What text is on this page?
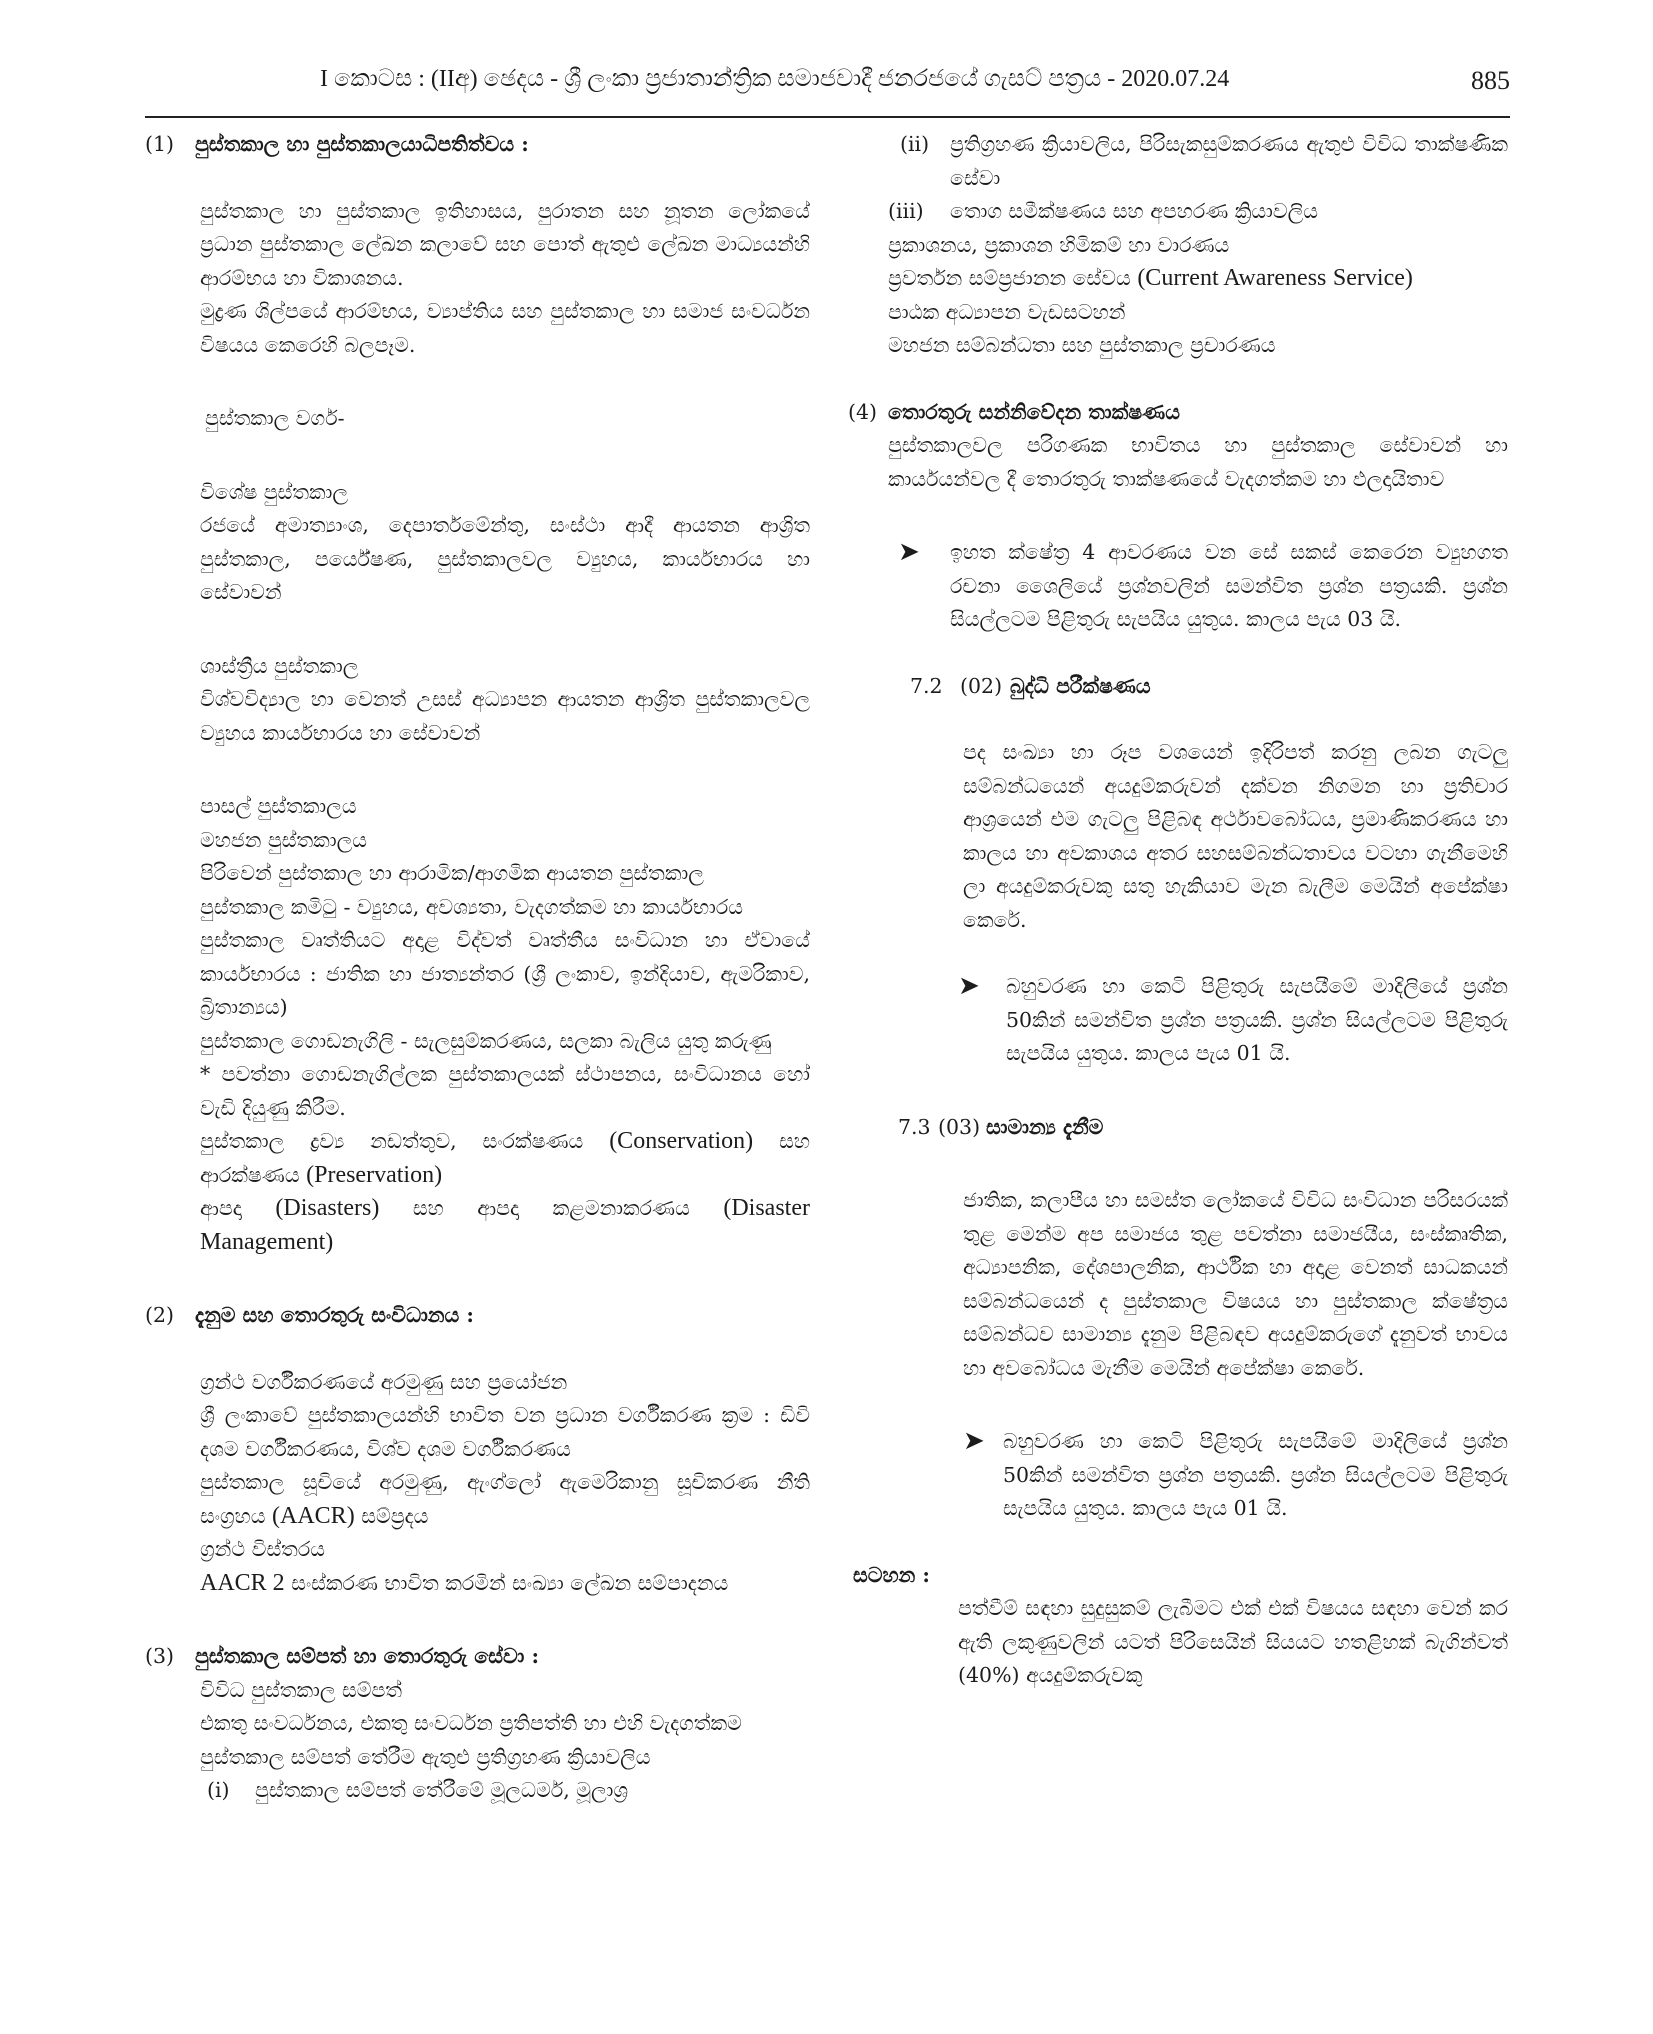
I කොටස : (IIඅ) ඡෙදය - ශ්‍රී ලංකා ප්‍රජාතාන්ත්‍රික සමාජවාදී ජනරජයේ ගැසට් පත්‍රය - 2020.07.24	885
(1)	පුස්තකාල හා පුස්තකාලයාධිපතිත්වය :

පුස්තකාල හා පුස්තකාල ඉතිහාසය, පුරාතන සහ නූතන ලෝකයේ ප්‍රධාන පුස්තකාල ලේඛන කලාවේ සහ පොත් ඇතුළු ලේඛන මාධ්‍යයන්හි ආරම්භය හා විකාශනය.

මුද්‍රණ ශිල්පයේ ආරම්භය, ව්‍යාප්තිය සහ පුස්තකාල හා සමාජ සංවර්ධන විෂයය කෙරෙහි බලපෑම.

පුස්තකාල වර්ග-

විශේෂ පුස්තකාල

රජයේ අමාත්‍යාංශ, දෙපාර්තමේන්තු, සංස්ථා ආදී ආයතන ආශ්‍රිත පුස්තකාල, පර්යේෂණ, පුස්තකාලවල ව්‍යුහය, කාර්යභාරය හා සේවාවන්

ශාස්ත්‍රීය පුස්තකාල

විශ්වවිද්‍යාල හා වෙනත් උසස් අධ්‍යාපන ආයතන ආශ්‍රිත පුස්තකාලවල ව්‍යුහය කාර්යභාරය හා සේවාවන්

පාසල් පුස්තකාලය

මහජන පුස්තකාලය

පිරිවෙන් පුස්තකාල හා ආරාමික/ආගමික ආයතන පුස්තකාල

පුස්තකාල කමිටු - ව්‍යුහය, අවශ්‍යතා, වැදගත්කම හා කාර්යභාරය

පුස්තකාල වෘත්තියට අදාළ විද්වත් වෘත්තීය සංවිධාන හා ඒවායේ කාර්යභාරය : ජාතික හා ජාත්‍යන්තර (ශ්‍රී ලංකාව, ඉන්දියාව, ඇමරිකාව, බ්‍රිතාන්‍යය)

පුස්තකාල ගොඩනැගිලි - සැලසුම්කරණය, සලකා බැලිය යුතු කරුණු

* පවත්නා ගොඩනැගිල්ලක පුස්තකාලයක් ස්ථාපනය, සංවිධානය හෝ වැඩි දියුණු කිරීම.

පුස්තකාල ද්‍රව්‍ය නඩත්තුව, සංරක්ෂණය (Conservation) සහ ආරක්ෂණය (Preservation)

ආපදා (Disasters) සහ ආපදා කළමනාකරණය (Disaster Management)

(2)	දැනුම සහ තොරතුරු සංවිධානය :

ග්‍රන්ථ වර්ගීකරණයේ අරමුණු සහ ප්‍රයෝජන

ශ්‍රී ලංකාවේ පුස්තකාලයන්හි භාවිත වන ප්‍රධාන වර්ගීකරණ ක්‍රම : ඩිවි දශම වර්ගීකරණය, විශ්ව දශම වර්ගීකරණය

පුස්තකාල සූචියේ අරමුණු, ඇංග්ලෝ ඇමෙරිකානු සූචිකරණ නීති සංග්‍රහය (AACR) සම්ප්‍රදය

ග්‍රන්ථ විස්තරය

AACR 2 සංස්කරණ භාවිත කරමින් සංඛ්‍යා ලේඛන සම්පාදනය

(3)	පුස්තකාල සම්පත් හා තොරතුරු සේවා :

විවිධ පුස්තකාල සම්පත්

එකතු සංවර්ධනය, එකතු සංවර්ධන ප්‍රතිපත්ති හා එහි වැදගත්කම

පුස්තකාල සම්පත් තේරීම ඇතුළු ප්‍රතිග්‍රහණ ක්‍රියාවලිය

(i)	පුස්තකාල සම්පත් තේරීමේ මූලධර්ම, මූලාශ්‍ර
(ii)	ප්‍රතිග්‍රහණ ක්‍රියාවලිය, පිරිසැකසුම්කරණය ඇතුළු විවිධ තාක්ෂණික සේවා
(iii)	තොග සමීක්ෂණය සහ අපහරණ ක්‍රියාවලිය

ප්‍රකාශනය, ප්‍රකාශන හිමිකම් හා වාරණය

ප්‍රවර්තන සම්ප්‍රජානන සේවය (Current Awareness Service)

පාඨක අධ්‍යාපන වැඩසටහන්

මහජන සම්බන්ධතා සහ පුස්තකාල ප්‍රචාරණය

(4) තොරතුරු සන්නිවේදන තාක්ෂණය

පුස්තකාලවල පරිගණක භාවිතය හා පුස්තකාල සේවාවන් හා කාර්යයන්වල දී තොරතුරු තාක්ෂණයේ වැදගත්කම හා ඵලදායිතාව

➤	ඉහත ක්ෂේත්‍ර 4 ආවරණය වන සේ සකස් කෙරෙන ව්‍යුහගත රචනා ශෛලියේ ප්‍රශ්නවලින් සමන්විත ප්‍රශ්න පත්‍රයකි. ප්‍රශ්න සියල්ලටම පිළිතුරු සැපයිය යුතුය. කාලය පැය 03 යි.
7.2 (02) බුද්ධි පරීක්ෂණය

පද සංඛ්‍යා හා රූප වශයෙන් ඉදිරිපත් කරනු ලබන ගැටලු සම්බන්ධයෙන් අයදුම්කරුවන් දක්වන නිගමන හා ප්‍රතිචාර ආශ්‍රයෙන් එම ගැටලු පිළිබඳ අර්ථාවබෝධය, ප්‍රමාණිකරණය හා කාලය හා අවකාශය අතර සහසම්බන්ධතාවය වටහා ගැනීමෙහි ලා අයදුම්කරුවකු සතු හැකියාව මැන බැලීම මෙයින් අපේක්ෂා කෙරේ.

➤	බහුවරණ හා කෙටි පිළිතුරු සැපයීමේ මාදිලියේ ප්‍රශ්න 50කින් සමන්විත ප්‍රශ්න පත්‍රයකි. ප්‍රශ්න සියල්ලටම පිළිතුරු සැපයිය යුතුය. කාලය පැය 01 යි.
7.3 (03) සාමාන්‍ය දැනීම

ජාතික, කලාපීය හා සමස්ත ලෝකයේ විවිධ සංවිධාන පරිසරයක් තුළ මෙන්ම අප සමාජය තුළ පවත්නා සමාජයීය, සංස්කෘතික, අධ්‍යාපනික, දේශපාලනික, ආර්ථික හා අදාළ වෙනත් සාධකයන් සම්බන්ධයෙන් ද පුස්තකාල විෂයය හා පුස්තකාල ක්ෂේත්‍රය සම්බන්ධව සාමාන්‍ය දැනුම පිළිබඳව අයදුම්කරුගේ දැනුවත් භාවය හා අවබෝධය මැනීම මෙයින් අපේක්ෂා කෙරේ.

➤ බහුවරණ හා කෙටි පිළිතුරු සැපයීමේ මාදිලියේ ප්‍රශ්න 50කින් සමන්විත ප්‍රශ්න පත්‍රයකි. ප්‍රශ්න සියල්ලටම පිළිතුරු සැපයිය යුතුය. කාලය පැය 01 යි.

සටහන :

පත්වීම් සඳහා සුදුසුකම් ලැබීමට එක් එක් විෂයය සඳහා වෙන් කර ඇති ලකුණුවලින් යටත් පිරිසෙයින් සියයට හතළිහක් බැගින්වත් (40%) අයදුම්කරුවකු
